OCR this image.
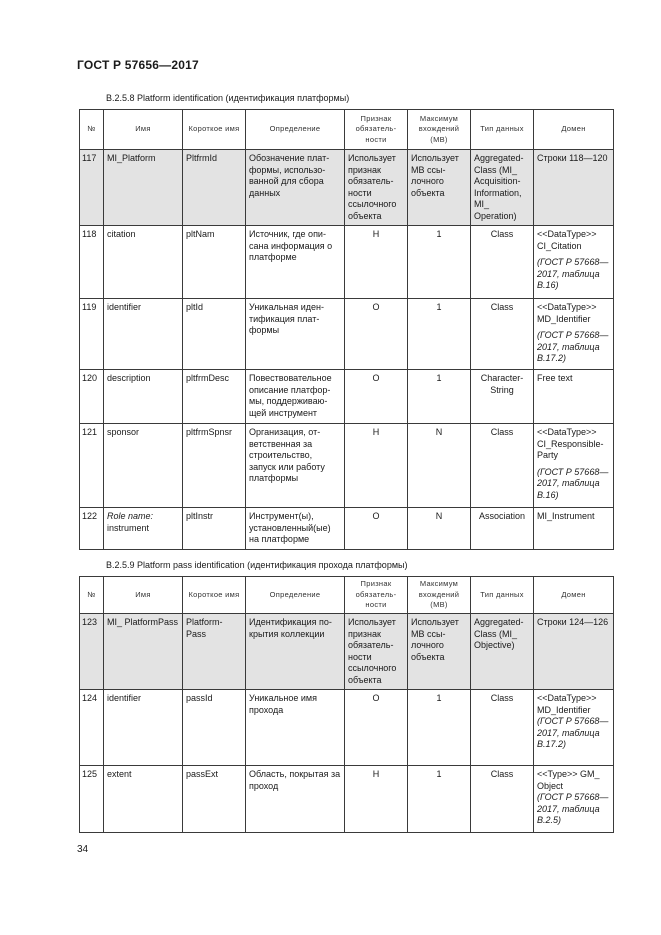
ГОСТ Р 57656—2017
B.2.5.8 Platform identification (идентификация платформы)
№	Имя	Короткое имя	Определение	Признак обязатель-ности	Максимум вхождений (МВ)	Тип данных	Домен
117	MI_Platform	PltfrmId	Обозначение плат-формы, использо-ванной для сбора данных	Использует признак обязатель-ности ссылочного объекта	Использует МВ ссы-лочного объекта	Aggregated-Class (MI_ Acquisition-Information, MI_ Operation)	Строки 118—120
118	citation	pltNam	Источник, где опи-сана информация о платформе	Н	1	Class	<<DataType>> CI_Citation
(ГОСТ Р 57668—2017, таблица B.16)

119	identifier	pltId	Уникальная иден-тификация плат-формы	О	1	Class	<<DataType>> MD_Identifier
(ГОСТ Р 57668—2017, таблица B.17.2)

120	description	pltfrmDesc	Повествовательное описание платфор-мы, поддерживаю-щей инструмент	О	1	Character-String	Free text
121	sponsor	pltfrmSpnsr	Организация, от-ветственная за строительство, запуск или работу платформы	Н	N	Class	<<DataType>> CI_Responsible-Party
(ГОСТ Р 57668—2017, таблица B.16)

122	Role name:
instrument	pltInstr	Инструмент(ы), установленный(ые) на платформе	О	N	Association	MI_Instrument
B.2.5.9 Platform pass identification (идентификация прохода платформы)
№	Имя	Короткое имя	Определение	Признак обязатель-ности	Максимум вхождений (МВ)	Тип данных	Домен
123	MI_ PlatformPass	Platform-Pass	Идентификация по-крытия коллекции	Использует признак обязатель-ности ссылочного объекта	Использует МВ ссы-лочного объекта	Aggregated-Class (MI_ Objective)	Строки 124—126
124	identifier	passId	Уникальное имя прохода	О	1	Class	<<DataType>> MD_Identifier
(ГОСТ Р 57668—2017, таблица B.17.2)

125	extent	passExt	Область, покрытая за проход	Н	1	Class	<<Type>> GM_ Object
(ГОСТ Р 57668—2017, таблица B.2.5)
34
